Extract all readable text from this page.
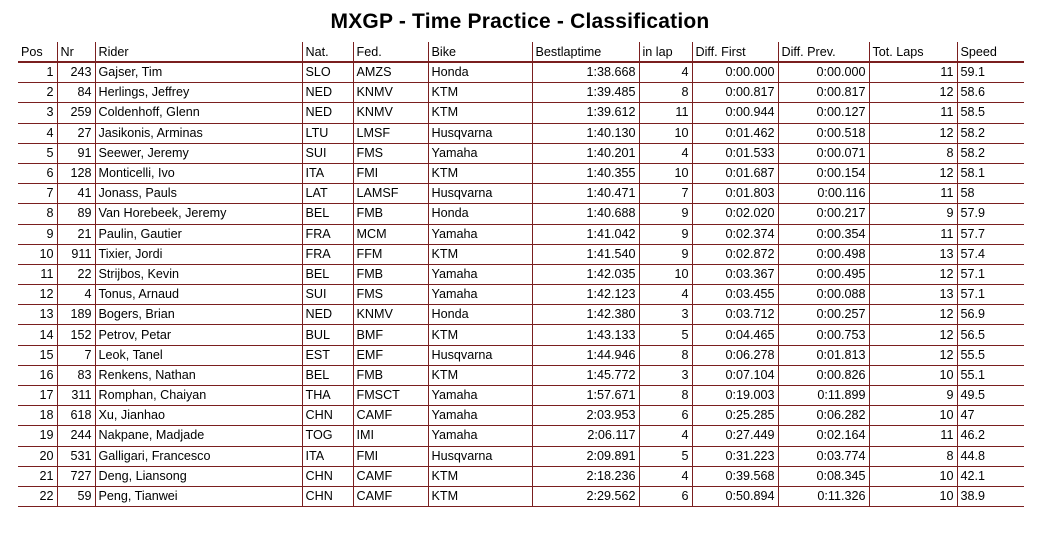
MXGP - Time Practice - Classification
Pos	Nr	Rider	Nat.	Fed.	Bike	Bestlaptime	in lap	Diff. First	Diff. Prev.	Tot. Laps	Speed
1	243	Gajser, Tim	SLO	AMZS	Honda	1:38.668	4	0:00.000	0:00.000	11	59.1
2	84	Herlings, Jeffrey	NED	KNMV	KTM	1:39.485	8	0:00.817	0:00.817	12	58.6
3	259	Coldenhoff, Glenn	NED	KNMV	KTM	1:39.612	11	0:00.944	0:00.127	11	58.5
4	27	Jasikonis, Arminas	LTU	LMSF	Husqvarna	1:40.130	10	0:01.462	0:00.518	12	58.2
5	91	Seewer, Jeremy	SUI	FMS	Yamaha	1:40.201	4	0:01.533	0:00.071	8	58.2
6	128	Monticelli, Ivo	ITA	FMI	KTM	1:40.355	10	0:01.687	0:00.154	12	58.1
7	41	Jonass, Pauls	LAT	LAMSF	Husqvarna	1:40.471	7	0:01.803	0:00.116	11	58
8	89	Van Horebeek, Jeremy	BEL	FMB	Honda	1:40.688	9	0:02.020	0:00.217	9	57.9
9	21	Paulin, Gautier	FRA	MCM	Yamaha	1:41.042	9	0:02.374	0:00.354	11	57.7
10	911	Tixier, Jordi	FRA	FFM	KTM	1:41.540	9	0:02.872	0:00.498	13	57.4
11	22	Strijbos, Kevin	BEL	FMB	Yamaha	1:42.035	10	0:03.367	0:00.495	12	57.1
12	4	Tonus, Arnaud	SUI	FMS	Yamaha	1:42.123	4	0:03.455	0:00.088	13	57.1
13	189	Bogers, Brian	NED	KNMV	Honda	1:42.380	3	0:03.712	0:00.257	12	56.9
14	152	Petrov, Petar	BUL	BMF	KTM	1:43.133	5	0:04.465	0:00.753	12	56.5
15	7	Leok, Tanel	EST	EMF	Husqvarna	1:44.946	8	0:06.278	0:01.813	12	55.5
16	83	Renkens, Nathan	BEL	FMB	KTM	1:45.772	3	0:07.104	0:00.826	10	55.1
17	311	Romphan, Chaiyan	THA	FMSCT	Yamaha	1:57.671	8	0:19.003	0:11.899	9	49.5
18	618	Xu, Jianhao	CHN	CAMF	Yamaha	2:03.953	6	0:25.285	0:06.282	10	47
19	244	Nakpane, Madjade	TOG	IMI	Yamaha	2:06.117	4	0:27.449	0:02.164	11	46.2
20	531	Galligari, Francesco	ITA	FMI	Husqvarna	2:09.891	5	0:31.223	0:03.774	8	44.8
21	727	Deng, Liansong	CHN	CAMF	KTM	2:18.236	4	0:39.568	0:08.345	10	42.1
22	59	Peng, Tianwei	CHN	CAMF	KTM	2:29.562	6	0:50.894	0:11.326	10	38.9
